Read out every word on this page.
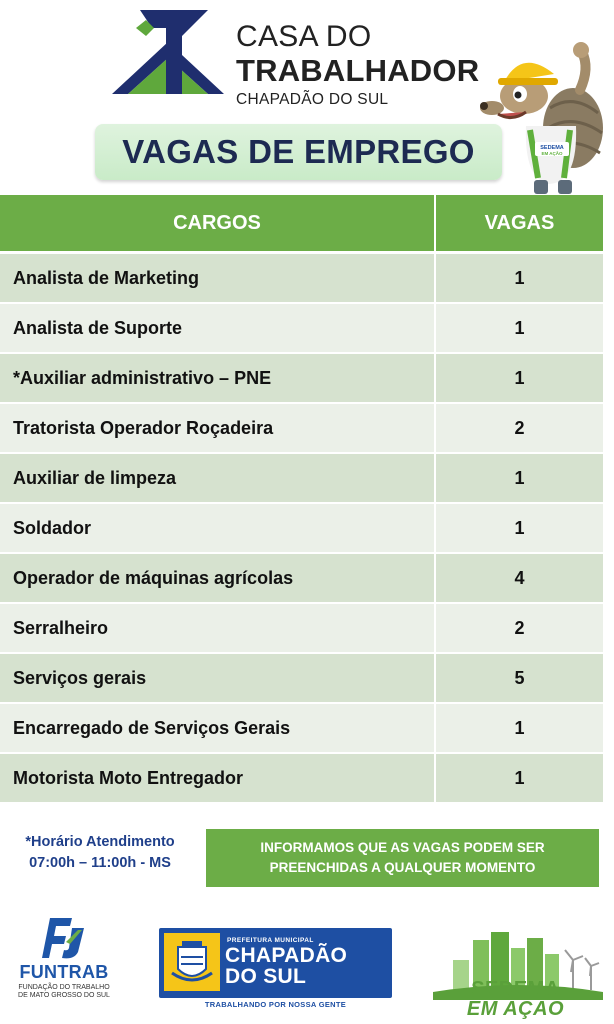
CASA DO
TRABALHADOR
CHAPADÃO DO SUL
SEDEMA
EM AÇÃO
VAGAS DE EMPREGO
CARGOS	VAGAS
Analista de Marketing	1
Analista de Suporte	1
*Auxiliar administrativo – PNE	1
Tratorista Operador Roçadeira	2
Auxiliar de limpeza	1
Soldador	1
Operador de máquinas agrícolas	4
Serralheiro	2
Serviços gerais	5
Encarregado de Serviços Gerais	1
Motorista Moto Entregador	1
*Horário Atendimento
07:00h – 11:00h - MS
INFORMAMOS QUE AS VAGAS PODEM SER
PREENCHIDAS A QUALQUER MOMENTO
FUNTRAB
FUNDAÇÃO DO TRABALHO
DE MATO GROSSO DO SUL
PREFEITURA MUNICIPAL
CHAPADÃO
DO SUL
TRABALHANDO POR NOSSA GENTE
SEDEMA
EM AÇÃO
